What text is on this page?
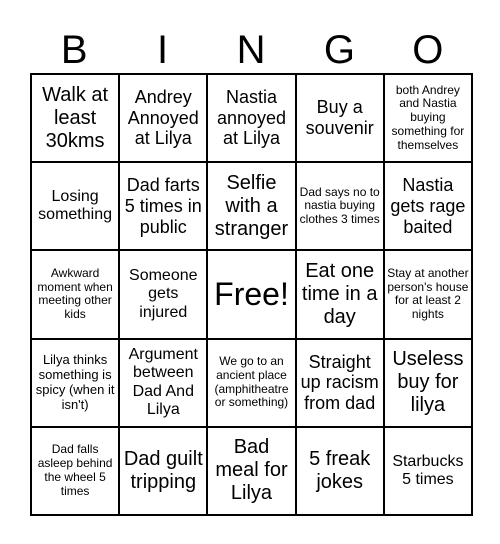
B	I	N	G	O
Walk at least 30kms
Andrey Annoyed at Lilya
Nastia annoyed at Lilya
Buy a souvenir
both Andrey and Nastia buying something for themselves
Losing something
Dad farts 5 times in public
Selfie with a stranger
Dad says no to nastia buying clothes 3 times
Nastia gets rage baited
Awkward moment when meeting other kids
Someone gets injured
Free!
Eat one time in a day
Stay at another person's house for at least 2 nights
Lilya thinks something is spicy (when it isn't)
Argument between Dad And Lilya
We go to an ancient place (amphitheatre or something)
Straight up racism from dad
Useless buy for lilya
Dad falls asleep behind the wheel 5 times
Dad guilt tripping
Bad meal for Lilya
5 freak jokes
Starbucks 5 times
